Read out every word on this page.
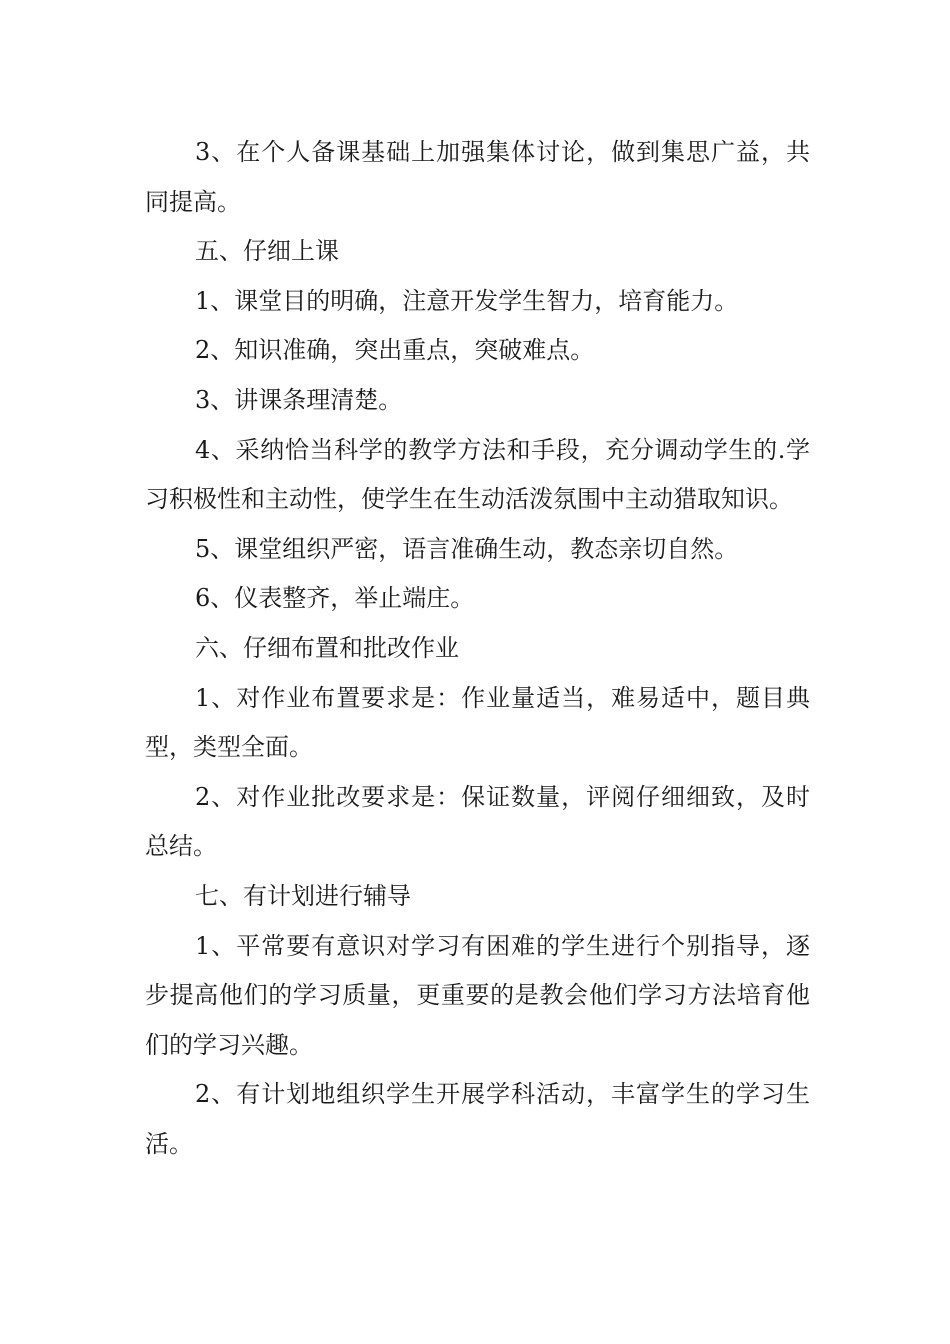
3、在个人备课基础上加强集体讨论，做到集思广益，共同提高。

五、仔细上课

1、课堂目的明确，注意开发学生智力，培育能力。

2、知识准确，突出重点，突破难点。

3、讲课条理清楚。

4、采纳恰当科学的教学方法和手段，充分调动学生的.学习积极性和主动性，使学生在生动活泼氛围中主动猎取知识。

5、课堂组织严密，语言准确生动，教态亲切自然。

6、仪表整齐，举止端庄。

六、仔细布置和批改作业

1、对作业布置要求是：作业量适当，难易适中，题目典型，类型全面。

2、对作业批改要求是：保证数量，评阅仔细细致，及时总结。

七、有计划进行辅导

1、平常要有意识对学习有困难的学生进行个别指导，逐步提高他们的学习质量，更重要的是教会他们学习方法培育他们的学习兴趣。

2、有计划地组织学生开展学科活动，丰富学生的学习生活。
